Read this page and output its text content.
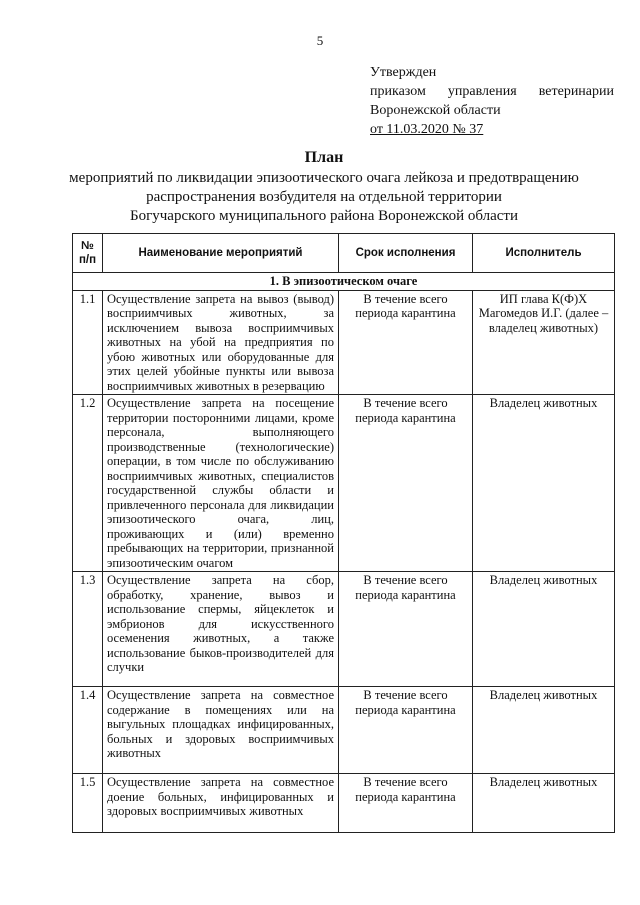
5
Утвержден
приказом управления ветеринарии
Воронежской области
от 11.03.2020 № 37
План
мероприятий по ликвидации эпизоотического очага лейкоза и предотвращению
распространения возбудителя на отдельной территории
Богучарского муниципального района Воронежской области
№ п/п	Наименование мероприятий	Срок исполнения	Исполнитель
1. В эпизоотическом очаге			
1.1	Осуществление запрета на вывоз (вывод) восприимчивых животных, за исключением вывоза восприимчивых животных на убой на предприятия по убою животных или оборудованные для этих целей убойные пункты или вывоза восприимчивых животных в резервацию	В течение всего периода карантина	ИП глава К(Ф)Х Магомедов И.Г. (далее – владелец животных)
1.2	Осуществление запрета на посещение территории посторонними лицами, кроме персонала, выполняющего производственные (технологические) операции, в том числе по обслуживанию восприимчивых животных, специалистов государственной службы области и привлеченного персонала для ликвидации эпизоотического очага, лиц, проживающих и (или) временно пребывающих на территории, признанной эпизоотическим очагом	В течение всего периода карантина	Владелец животных
1.3	Осуществление запрета на сбор, обработку, хранение, вывоз и использование спермы, яйцеклеток и эмбрионов для искусственного осеменения животных, а также использование быков-производителей для случки	В течение всего периода карантина	Владелец животных
1.4	Осуществление запрета на совместное содержание в помещениях или на выгульных площадках инфицированных, больных и здоровых восприимчивых животных	В течение всего периода карантина	Владелец животных
1.5	Осуществление запрета на совместное доение больных, инфицированных и здоровых восприимчивых животных	В течение всего периода карантина	Владелец животных
